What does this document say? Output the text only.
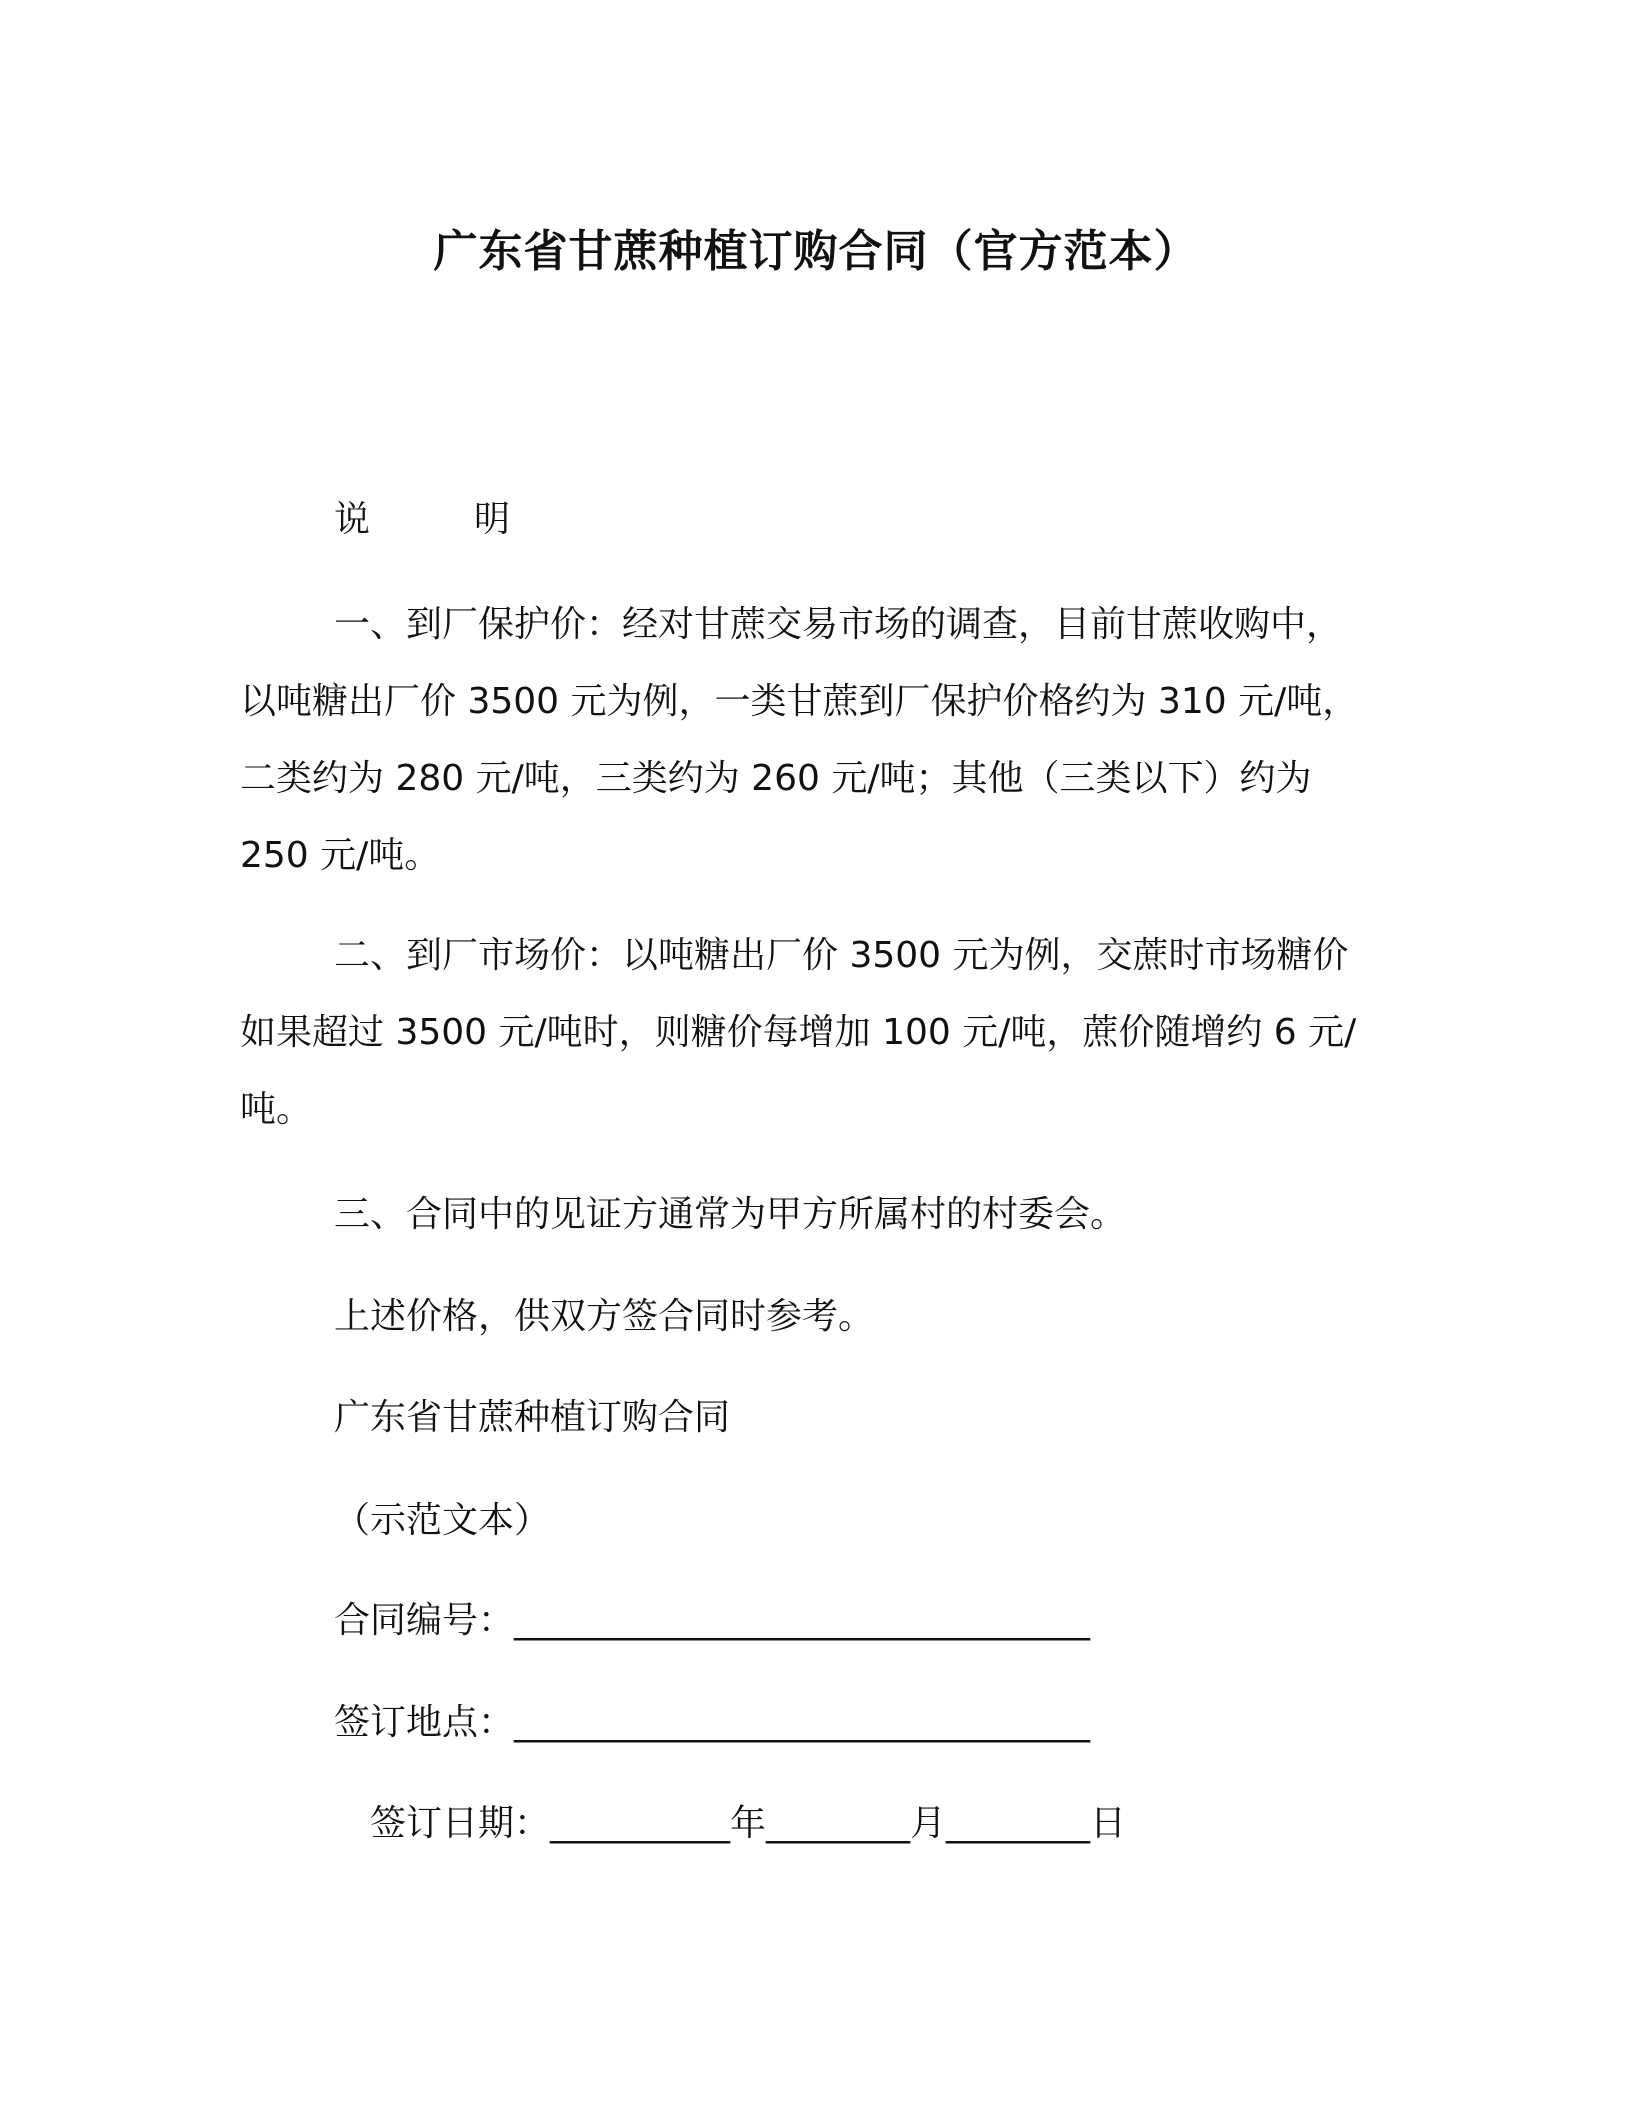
广东省甘蔗种植订购合同（官方范本）
说	明
一、到厂保护价：经对甘蔗交易市场的调查，目前甘蔗收购中，以吨糖出厂价 3500 元为例，一类甘蔗到厂保护价格约为 310 元/吨，二类约为 280 元/吨，三类约为 260 元/吨；其他（三类以下）约为 250 元/吨。
二、到厂市场价：以吨糖出厂价 3500 元为例，交蔗时市场糖价如果超过 3500 元/吨时，则糖价每增加 100 元/吨，蔗价随增约 6 元/吨。
三、合同中的见证方通常为甲方所属村的村委会。
上述价格，供双方签合同时参考。
广东省甘蔗种植订购合同
（示范文本）
合同编号：________________________________
签订地点：________________________________
签订日期：__________年________月________日
